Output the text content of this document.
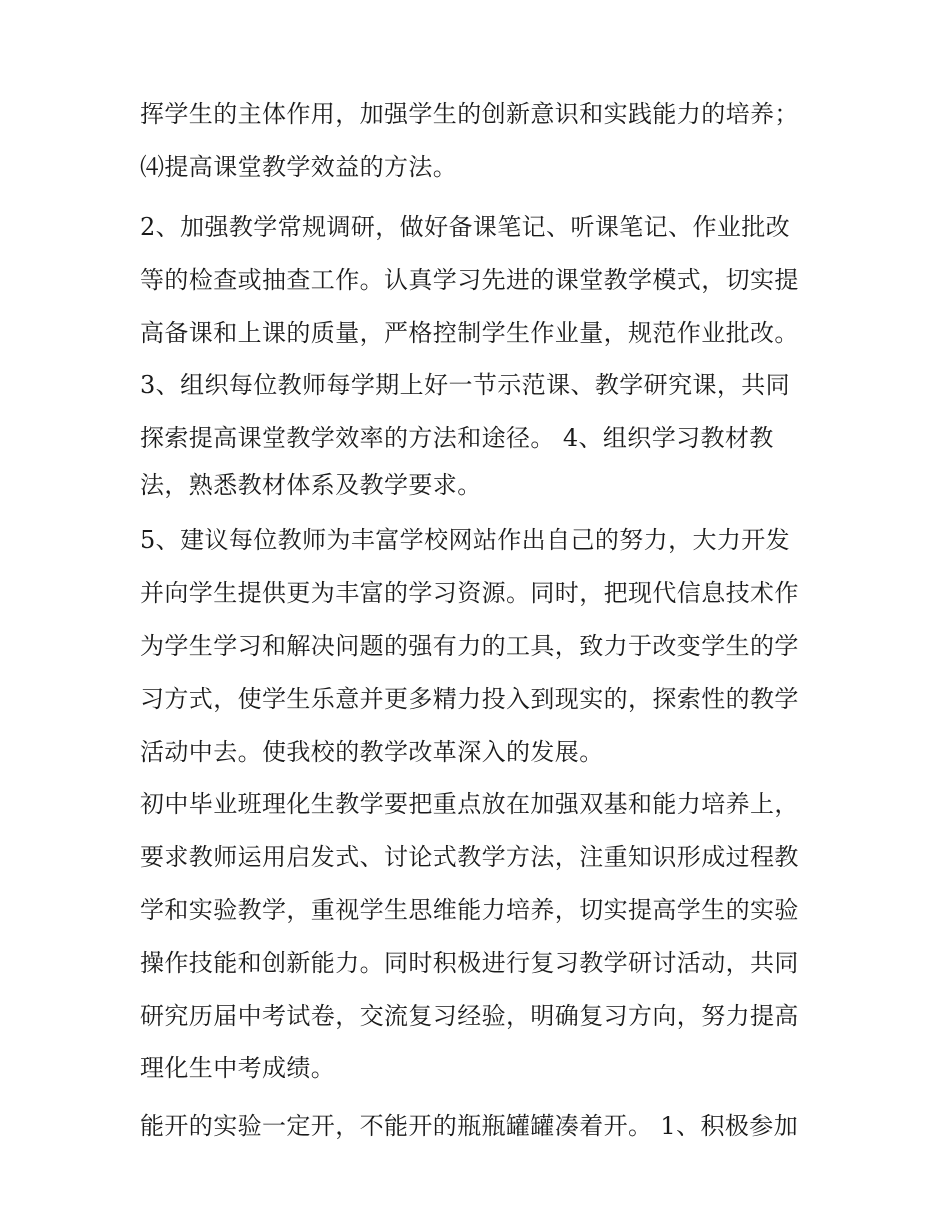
挥学生的主体作用，加强学生的创新意识和实践能力的培养；
⑷提高课堂教学效益的方法。
2、加强教学常规调研，做好备课笔记、听课笔记、作业批改
等的检查或抽查工作。认真学习先进的课堂教学模式，切实提
高备课和上课的质量，严格控制学生作业量，规范作业批改。
3、组织每位教师每学期上好一节示范课、教学研究课，共同
探索提高课堂教学效率的方法和途径。 4、组织学习教材教
法，熟悉教材体系及教学要求。
5、建议每位教师为丰富学校网站作出自己的努力，大力开发
并向学生提供更为丰富的学习资源。同时，把现代信息技术作
为学生学习和解决问题的强有力的工具，致力于改变学生的学
习方式，使学生乐意并更多精力投入到现实的，探索性的教学
活动中去。使我校的教学改革深入的发展。
初中毕业班理化生教学要把重点放在加强双基和能力培养上，
要求教师运用启发式、讨论式教学方法，注重知识形成过程教
学和实验教学，重视学生思维能力培养，切实提高学生的实验
操作技能和创新能力。同时积极进行复习教学研讨活动，共同
研究历届中考试卷，交流复习经验，明确复习方向，努力提高
理化生中考成绩。
能开的实验一定开，不能开的瓶瓶罐罐凑着开。 1、积极参加
